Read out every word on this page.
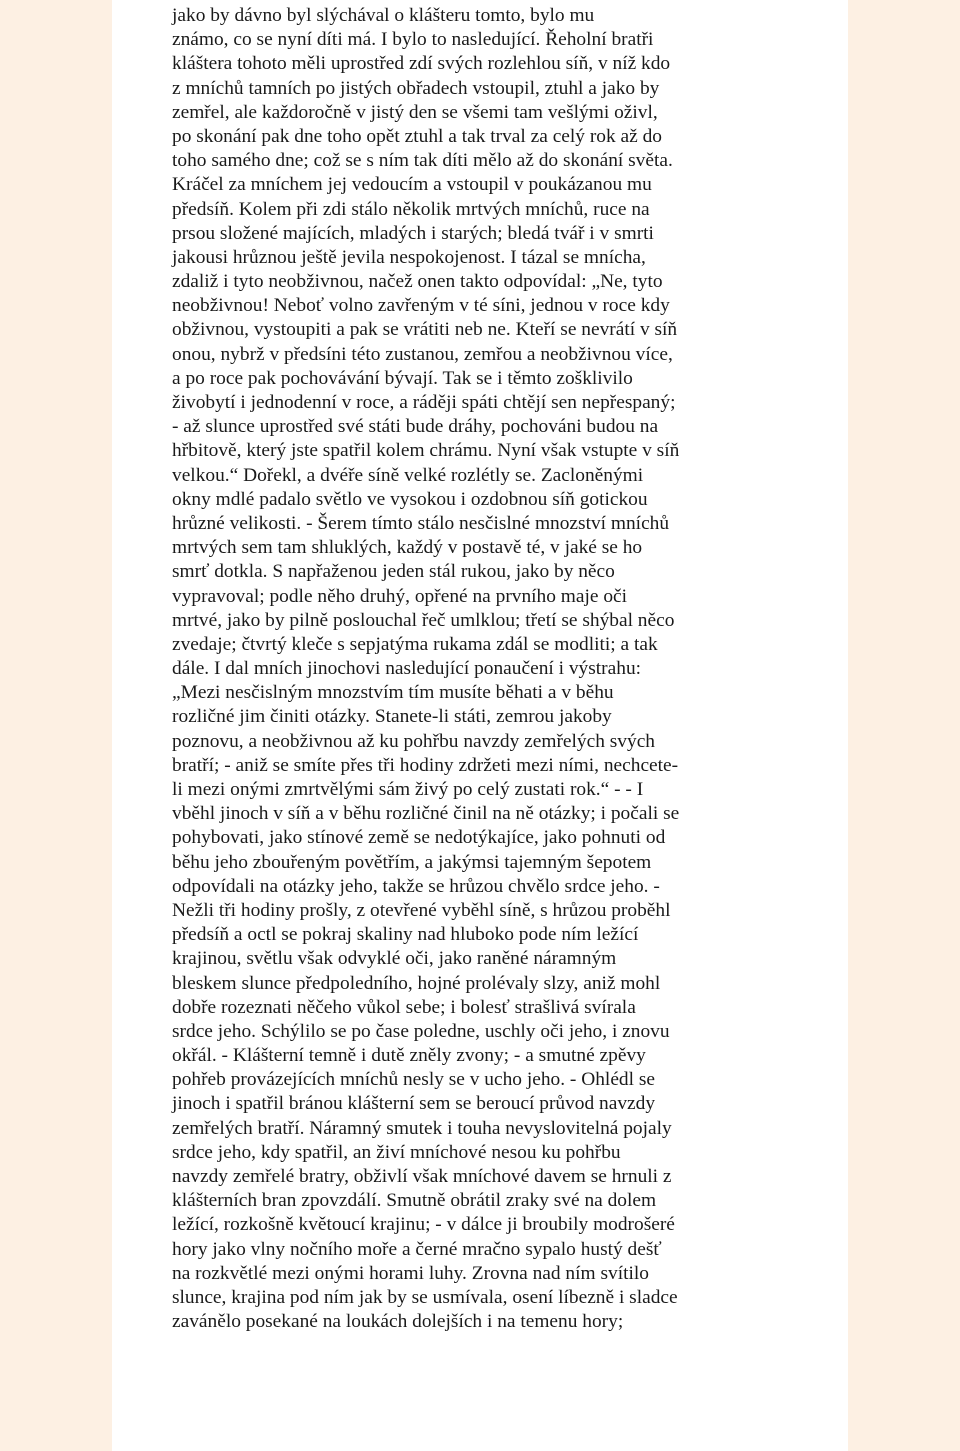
jako by dávno byl slýchával o klášteru tomto, bylo mu
známo, co se nyní díti má. I bylo to nasledující. Řeholní bratři
kláštera tohoto měli uprostřed zdí svých rozlehlou síň, v níž kdo
z mníchů tamních po jistých obřadech vstoupil, ztuhl a jako by
zemřel, ale každoročně v jistý den se všemi tam vešlými oživl,
po skonání pak dne toho opět ztuhl a tak trval za celý rok až do
toho samého dne; což se s ním tak díti mělo až do skonání světa.
Kráčel za mníchem jej vedoucím a vstoupil v poukázanou mu
předsíň. Kolem při zdi stálo několik mrtvých mníchů, ruce na
prsou složené majících, mladých i starých; bledá tvář i v smrti
jakousi hrůznou ještě jevila nespokojenost. I tázal se mnícha,
zdaliž i tyto neobživnou, načež onen takto odpovídal: „Ne, tyto
neobživnou! Neboť volno zavřeným v té síni, jednou v roce kdy
obživnou, vystoupiti a pak se vrátiti neb ne. Kteří se nevrátí v síň
onou, nybrž v předsíni této zustanou, zemřou a neobživnou více,
a po roce pak pochovávání bývají. Tak se i těmto zošklivilo
živobytí i jednodenní v roce, a ráději spáti chtějí sen nepřespaný;
- až slunce uprostřed své státi bude dráhy, pochováni budou na
hřbitově, který jste spatřil kolem chrámu. Nyní však vstupte v síň
velkou.“ Dořekl, a dvéře síně velké rozlétly se. Zacloněnými
okny mdlé padalo světlo ve vysokou i ozdobnou síň gotickou
hrůzné velikosti. - Šerem tímto stálo nesčislné mnozství mníchů
mrtvých sem tam shluklých, každý v postavě té, v jaké se ho
smrť dotkla. S napřaženou jeden stál rukou, jako by něco
vypravoval; podle něho druhý, opřené na prvního maje oči
mrtvé, jako by pilně poslouchal řeč umlklou; třetí se shýbal něco
zvedaje; čtvrtý kleče s sepjatýma rukama zdál se modliti; a tak
dále. I dal mních jinochovi nasledující ponaučení i výstrahu:
„Mezi nesčislným mnozstvím tím musíte běhati a v běhu
rozličné jim činiti otázky. Stanete-li státi, zemrou jakoby
poznovu, a neobživnou až ku pohřbu navzdy zemřelých svých
bratří; - aniž se smíte přes tři hodiny zdržeti mezi ními, nechcete-
li mezi onými zmrtvělými sám živý po celý zustati rok.“ - - I
vběhl jinoch v síň a v běhu rozličné činil na ně otázky; i počali se
pohybovati, jako stínové země se nedotýkajíce, jako pohnuti od
běhu jeho zbouřeným povětřím, a jakýmsi tajemným šepotem
odpovídali na otázky jeho, takže se hrůzou chvělo srdce jeho. -
Nežli tři hodiny prošly, z otevřené vyběhl síně, s hrůzou proběhl
předsíň a octl se pokraj skaliny nad hluboko pode ním ležící
krajinou, světlu však odvyklé oči, jako raněné náramným
bleskem slunce předpoledního, hojné prolévaly slzy, aniž mohl
dobře rozeznati něčeho vůkol sebe; i bolesť strašlivá svírala
srdce jeho. Schýlilo se po čase poledne, uschly oči jeho, i znovu
okřál. - Klášterní temně i dutě zněly zvony; - a smutné zpěvy
pohřeb provázejících mníchů nesly se v ucho jeho. - Ohlédl se
jinoch i spatřil bránou klášterní sem se beroucí průvod navzdy
zemřelých bratří. Náramný smutek i touha nevyslovitelná pojaly
srdce jeho, kdy spatřil, an živí mníchové nesou ku pohřbu
navzdy zemřelé bratry, obživlí však mníchové davem se hrnuli z
klášterních bran zpovzdálí. Smutně obrátil zraky své na dolem
ležící, rozkošně květoucí krajinu; - v dálce ji broubily modrošeré
hory jako vlny nočního moře a černé mračno sypalo hustý dešť
na rozkvětlé mezi onými horami luhy. Zrovna nad ním svítilo
slunce, krajina pod ním jak by se usmívala, osení líbezně i sladce
zavánělo posekané na loukách dolejších i na temenu hory;
